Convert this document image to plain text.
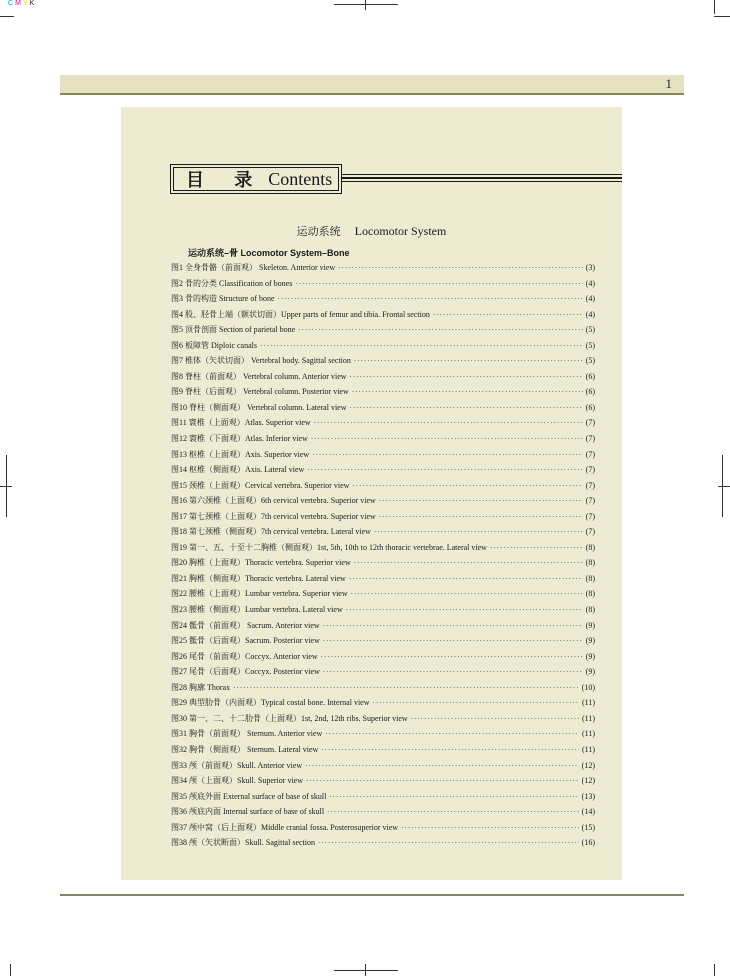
C M Y K
1
目 录 Contents
运动系统 Locomotor System
运动系统–骨 Locomotor System–Bone
图1 全身骨骼（前面观） Skeleton. Anterior view ·····	(3)
图2 骨的分类 Classification of bones ·····	(4)
图3 骨的构造 Structure of bone ·····	(4)
图4 股、胫骨上端（额状切面）Upper parts of femur and tibia. Frontal section ·····	(4)
图5 顶骨剖面 Section of parietal bone ·····	(5)
图6 板障管 Diploic canals ·····	(5)
图7 椎体（矢状切面） Vertebral body. Sagittal section ·····	(5)
图8 脊柱（前面观） Vertebral column. Anterior view ·····	(6)
图9 脊柱（后面观） Vertebral column. Posterior view ·····	(6)
图10 脊柱（侧面观） Vertebral column. Lateral view ·····	(6)
图11 寰椎（上面观）Atlas. Superior view ·····	(7)
图12 寰椎（下面观）Atlas. Inferior view ·····	(7)
图13 枢椎（上面观）Axis. Superior view ·····	(7)
图14 枢椎（侧面观）Axis. Lateral view ·····	(7)
图15 颈椎（上面观）Cervical vertebra. Superior view ·····	(7)
图16 第六颈椎（上面观）6th cervical vertebra. Superior view ·····	(7)
图17 第七颈椎（上面观）7th cervical vertebra. Superior view ·····	(7)
图18 第七颈椎（侧面观）7th cervical vertebra. Lateral view ·····	(7)
图19 第一、五、十至十二胸椎（侧面观）1st, 5th, 10th to 12th thoracic vertebrae. Lateral view ·····	(8)
图20 胸椎（上面观）Thoracic vertebra. Superior view ·····	(8)
图21 胸椎（侧面观）Thoracic vertebra. Lateral view ·····	(8)
图22 腰椎（上面观）Lumbar vertebra. Superior view ·····	(8)
图23 腰椎（侧面观）Lumbar vertebra. Lateral view ·····	(8)
图24 骶骨（前面观） Sacrum. Anterior view ·····	(9)
图25 骶骨（后面观）Sacrum. Posterior view ·····	(9)
图26 尾骨（前面观）Coccyx. Anterior view ·····	(9)
图27 尾骨（后面观）Coccyx. Posterior view ·····	(9)
图28 胸廓 Thorax ·····	(10)
图29 典型肋骨（内面观）Typical costal bone. Internal view ·····	(11)
图30 第一、二、十二肋骨（上面观）1st, 2nd, 12th ribs. Superior view ·····	(11)
图31 胸骨（前面观） Sternum. Anterior view ·····	(11)
图32 胸骨（侧面观） Sternum. Lateral view ·····	(11)
图33 颅（前面观）Skull. Anterior view ·····	(12)
图34 颅（上面观）Skull. Superior view ·····	(12)
图35 颅底外面 External surface of base of skull ·····	(13)
图36 颅底内面 Internal surface of base of skull ·····	(14)
图37 颅中窝（后上面观）Middle cranial fossa. Posterosuperior view ·····	(15)
图38 颅（矢状断面）Skull. Sagittal section ·····	(16)
